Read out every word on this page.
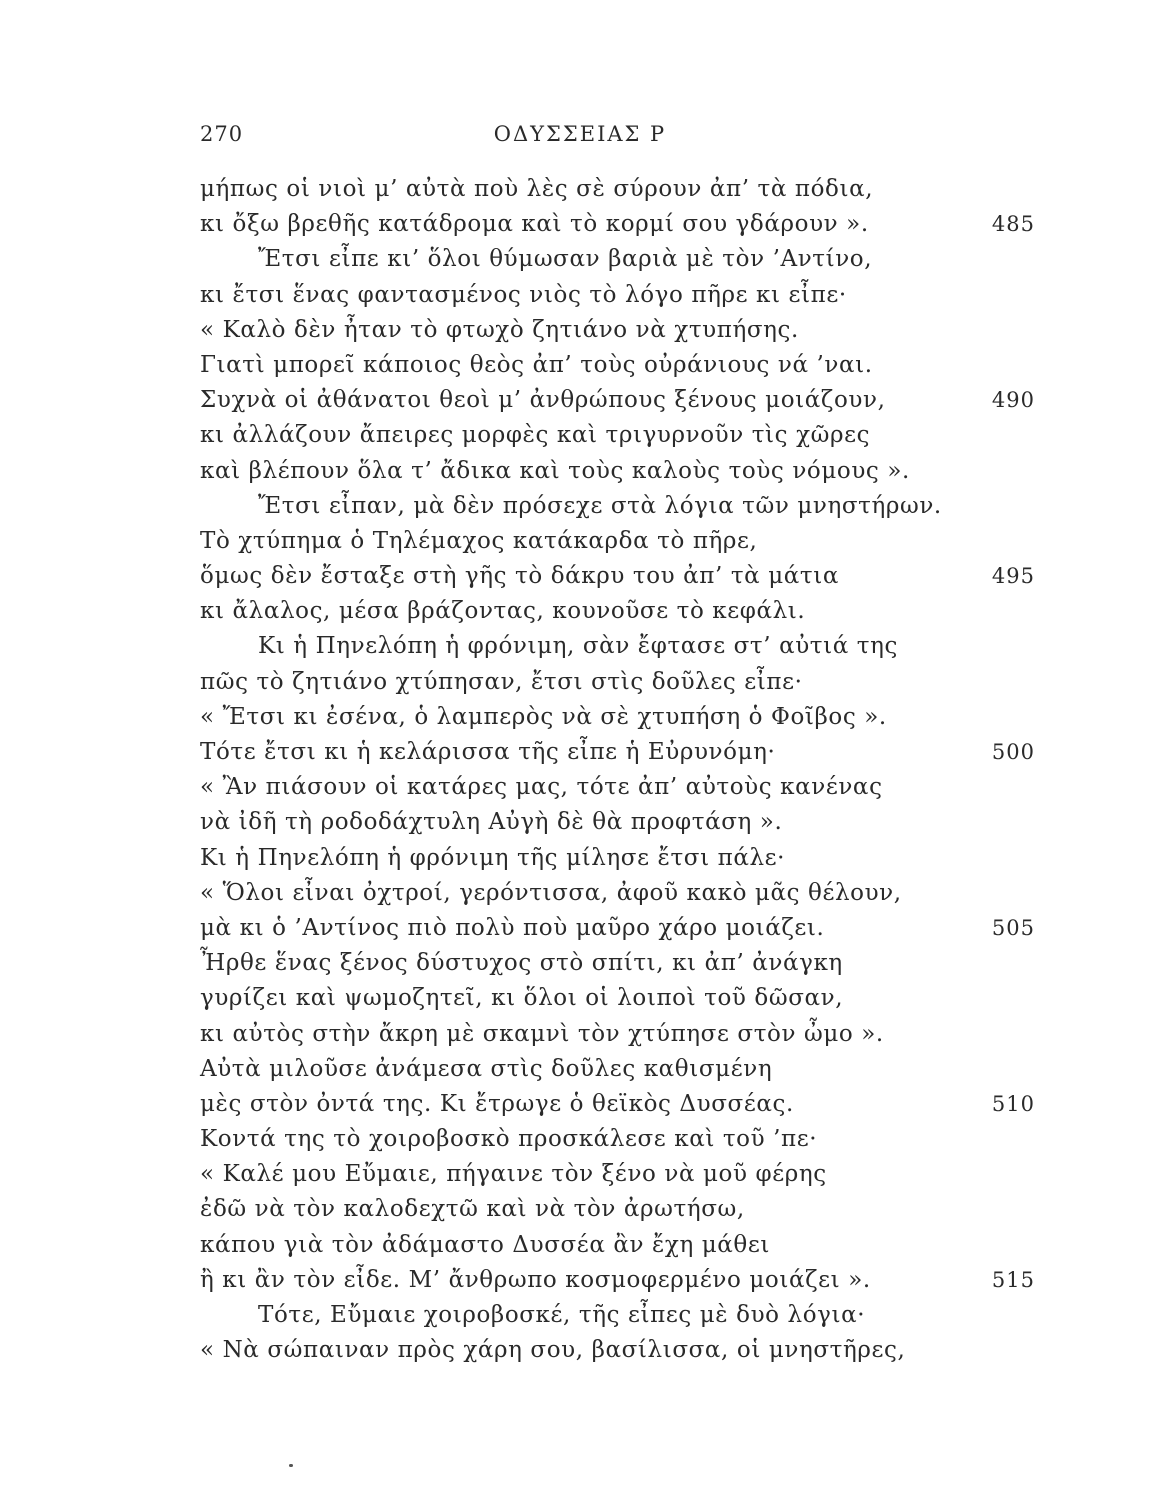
270	ΟΔΥΣΣΕΙΑΣ Ρ
μήπως οἱ νιοὶ μ’ αὐτὰ ποὺ λὲς σὲ σύρουν ἀπ’ τὰ πόδια,
κι ὄξω βρεθῆς κατάδρομα καὶ τὸ κορμί σου γδάρουν ».	485
Ἔτσι εἶπε κι’ ὅλοι θύμωσαν βαριὰ μὲ τὸν ’Αντίνο,
κι ἔτσι ἕνας φαντασμένος νιὸς τὸ λόγο πῆρε κι εἶπε·
« Καλὸ δὲν ἦταν τὸ φτωχὸ ζητιάνο νὰ χτυπήσης.
Γιατὶ μπορεῖ κάποιος θεὸς ἀπ’ τοὺς οὐράνιους νά ’ναι.
Συχνὰ οἱ ἀθάνατοι θεοὶ μ’ ἀνθρώπους ξένους μοιάζουν,	490
κι ἀλλάζουν ἄπειρες μορφὲς καὶ τριγυρνοῦν τὶς χῶρες
καὶ βλέπουν ὅλα τ’ ἄδικα καὶ τοὺς καλοὺς τοὺς νόμους ».
Ἔτσι εἶπαν, μὰ δὲν πρόσεχε στὰ λόγια τῶν μνηστήρων.
Τὸ χτύπημα ὁ Τηλέμαχος κατάκαρδα τὸ πῆρε,
ὅμως δὲν ἔσταξε στὴ γῆς τὸ δάκρυ του ἀπ’ τὰ μάτια	495
κι ἄλαλος, μέσα βράζοντας, κουνοῦσε τὸ κεφάλι.
Κι ἡ Πηνελόπη ἡ φρόνιμη, σὰν ἔφτασε στ’ αὐτιά της
πῶς τὸ ζητιάνο χτύπησαν, ἔτσι στὶς δοῦλες εἶπε·
« Ἔτσι κι ἐσένα, ὁ λαμπερὸς νὰ σὲ χτυπήση ὁ Φοῖβος ».
Τότε ἔτσι κι ἡ κελάρισσα τῆς εἶπε ἡ Εὐρυνόμη·	500
« Ἂν πιάσουν οἱ κατάρες μας, τότε ἀπ’ αὐτοὺς κανένας
νὰ ἰδῆ τὴ ροδοδάχτυλη Αὐγὴ δὲ θὰ προφτάση ».
Κι ἡ Πηνελόπη ἡ φρόνιμη τῆς μίλησε ἔτσι πάλε·
« Ὅλοι εἶναι ὀχτροί, γερόντισσα, ἀφοῦ κακὸ μᾶς θέλουν,
μὰ κι ὁ ’Αντίνος πιὸ πολὺ ποὺ μαῦρο χάρο μοιάζει.	505
Ἦρθε ἕνας ξένος δύστυχος στὸ σπίτι, κι ἀπ’ ἀνάγκη
γυρίζει καὶ ψωμοζητεῖ, κι ὅλοι οἱ λοιποὶ τοῦ δῶσαν,
κι αὐτὸς στὴν ἄκρη μὲ σκαμνὶ τὸν χτύπησε στὸν ὦμο ».
Αὐτὰ μιλοῦσε ἀνάμεσα στὶς δοῦλες καθισμένη
μὲς στὸν ὀντά της. Κι ἔτρωγε ὁ θεϊκὸς Δυσσέας.	510
Κοντά της τὸ χοιροβοσκὸ προσκάλεσε καὶ τοῦ ’πε·
« Καλέ μου Εὔμαιε, πήγαινε τὸν ξένο νὰ μοῦ φέρης
ἐδῶ νὰ τὸν καλοδεχτῶ καὶ νὰ τὸν ἀρωτήσω,
κάπου γιὰ τὸν ἀδάμαστο Δυσσέα ἂν ἔχη μάθει
ἢ κι ἂν τὸν εἶδε. Μ’ ἄνθρωπο κοσμοφερμένο μοιάζει ».	515
Τότε, Εὔμαιε χοιροβοσκέ, τῆς εἶπες μὲ δυὸ λόγια·
« Νὰ σώπαιναν πρὸς χάρη σου, βασίλισσα, οἱ μνηστῆρες,
